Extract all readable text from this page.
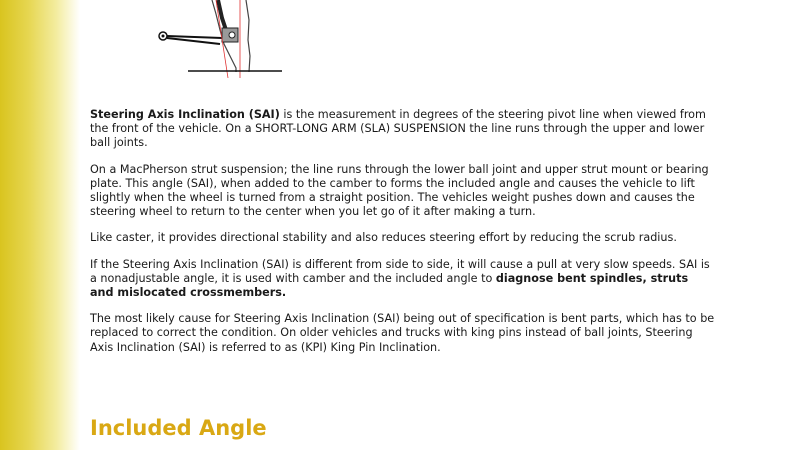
Steering Axis Inclination (SAI) is the measurement in degrees of the steering pivot line when viewed from the front of the vehicle. On a SHORT-LONG ARM (SLA) SUSPENSION the line runs through the upper and lower ball joints.

On a MacPherson strut suspension; the line runs through the lower ball joint and upper strut mount or bearing plate. This angle (SAI), when added to the camber to forms the included angle and causes the vehicle to lift slightly when the wheel is turned from a straight position. The vehicles weight pushes down and causes the steering wheel to return to the center when you let go of it after making a turn.

Like caster, it provides directional stability and also reduces steering effort by reducing the scrub radius.

If the Steering Axis Inclination (SAI) is different from side to side, it will cause a pull at very slow speeds. SAI is a nonadjustable angle, it is used with camber and the included angle to diagnose bent spindles, struts and mislocated crossmembers.

The most likely cause for Steering Axis Inclination (SAI) being out of specification is bent parts, which has to be replaced to correct the condition. On older vehicles and trucks with king pins instead of ball joints, Steering Axis Inclination (SAI) is referred to as (KPI) King Pin Inclination.

Included Angle
